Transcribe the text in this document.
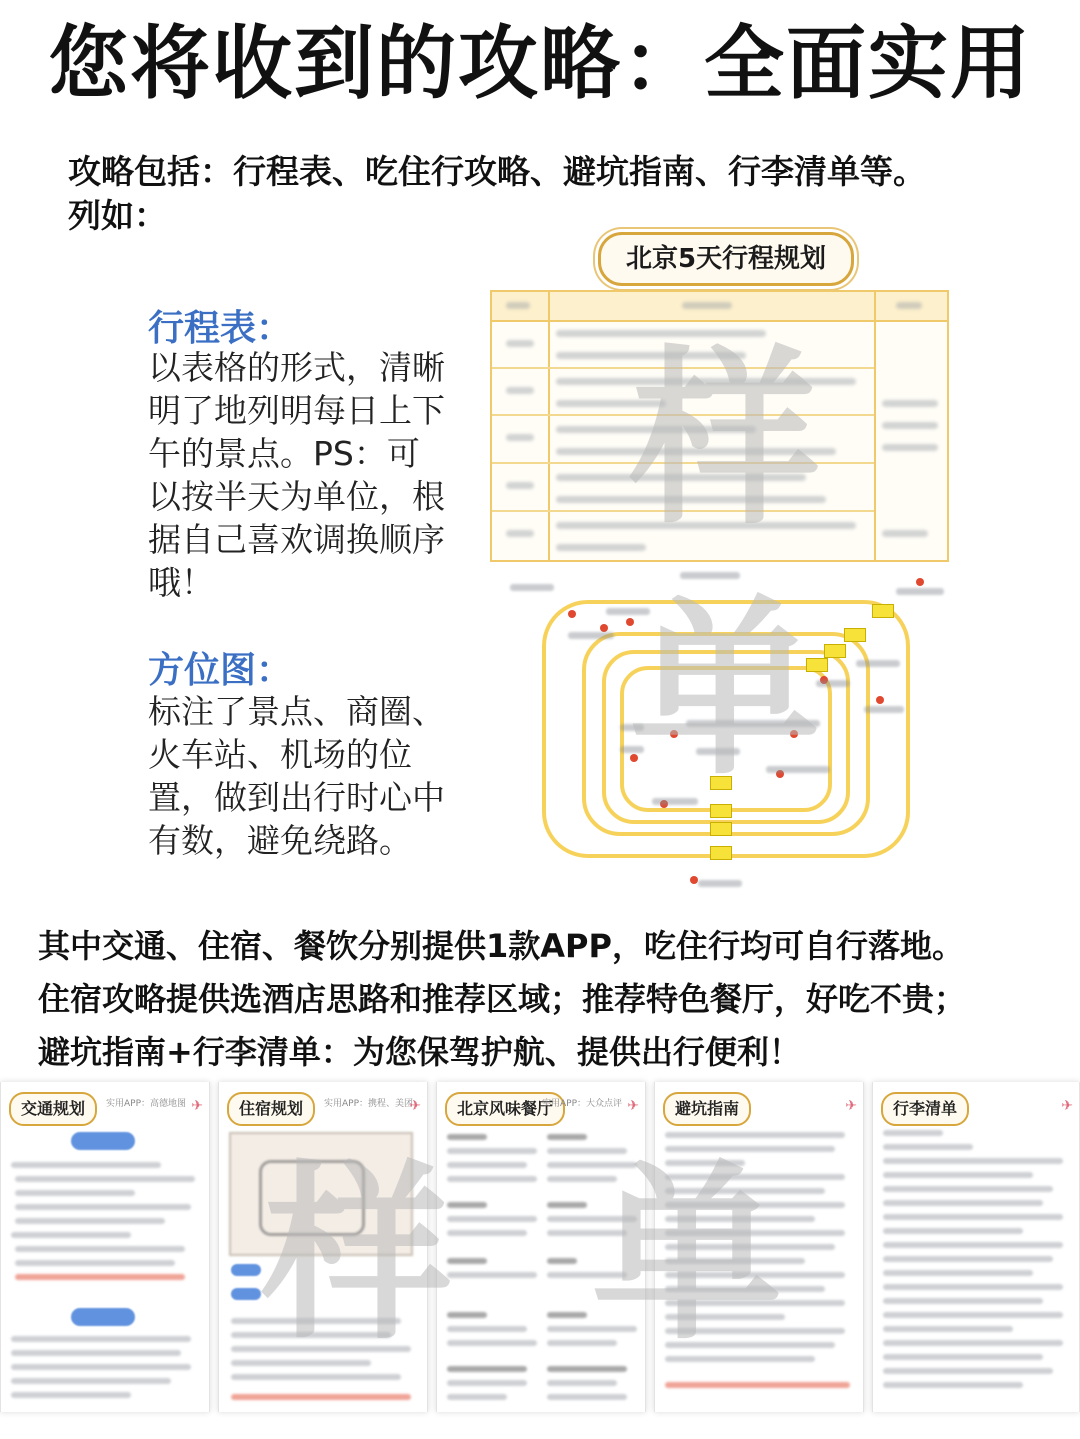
您将收到的攻略：全面实用
攻略包括：行程表、吃住行攻略、避坑指南、行李清单等。
列如：
行程表：
以表格的形式，清晰明了地列明每日上下午的景点。PS：可以按半天为单位，根据自己喜欢调换顺序哦！
方位图：
标注了景点、商圈、火车站、机场的位置，做到出行时心中有数，避免绕路。
北京5天行程规划
样
单
其中交通、住宿、餐饮分别提供1款APP，吃住行均可自行落地。
住宿攻略提供选酒店思路和推荐区域；推荐特色餐厅，好吃不贵；
避坑指南+行李清单：为您保驾护航、提供出行便利！
交通规划	实用APP：高德地图 ✈	住宿规划	实用APP：携程、美团
✈	北京风味餐厅
实用APP：大众点评 ✈	避坑指南	✈	行李清单	✈
样 单
